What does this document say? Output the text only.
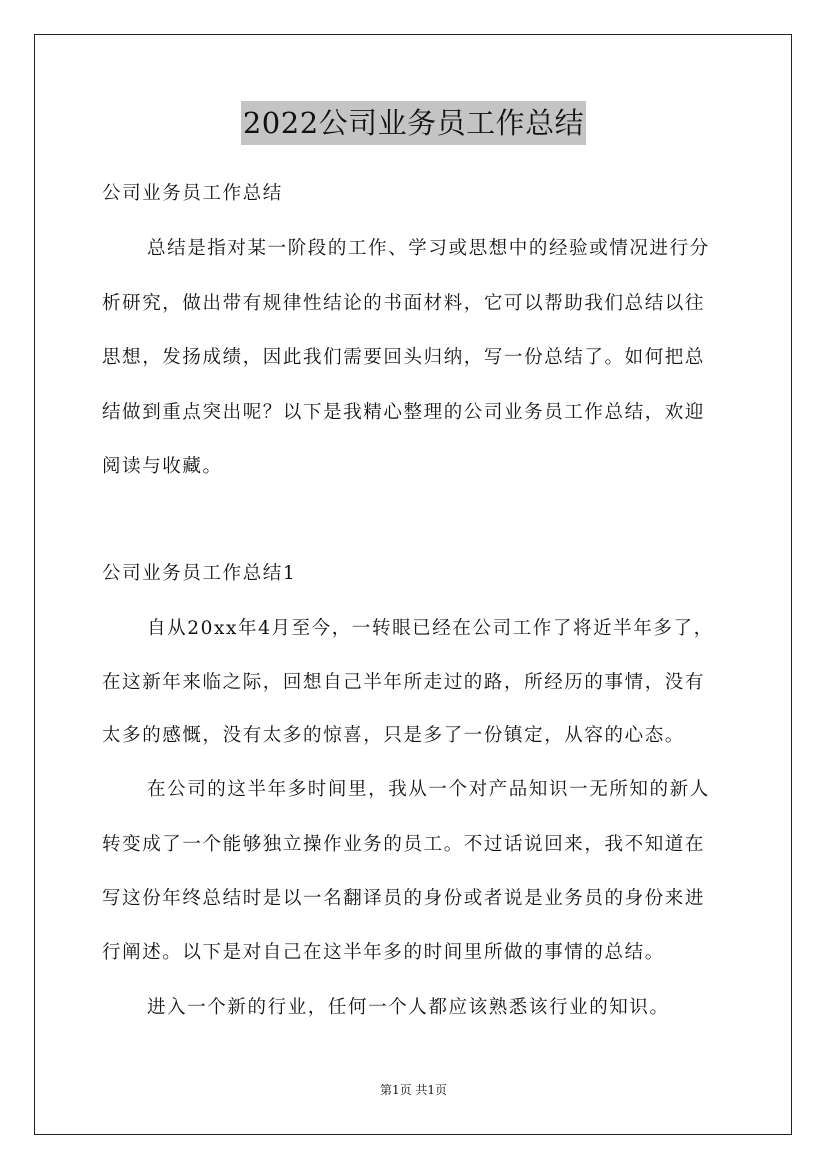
2022公司业务员工作总结
公司业务员工作总结
总结是指对某一阶段的工作、学习或思想中的经验或情况进行分
析研究，做出带有规律性结论的书面材料，它可以帮助我们总结以往
思想，发扬成绩，因此我们需要回头归纳，写一份总结了。如何把总
结做到重点突出呢？以下是我精心整理的公司业务员工作总结，欢迎
阅读与收藏。
公司业务员工作总结1
自从20xx年4月至今，一转眼已经在公司工作了将近半年多了，
在这新年来临之际，回想自己半年所走过的路，所经历的事情，没有
太多的感慨，没有太多的惊喜，只是多了一份镇定，从容的心态。
在公司的这半年多时间里，我从一个对产品知识一无所知的新人
转变成了一个能够独立操作业务的员工。不过话说回来，我不知道在
写这份年终总结时是以一名翻译员的身份或者说是业务员的身份来进
行阐述。以下是对自己在这半年多的时间里所做的事情的总结。
进入一个新的行业，任何一个人都应该熟悉该行业的知识。
第1页 共1页
